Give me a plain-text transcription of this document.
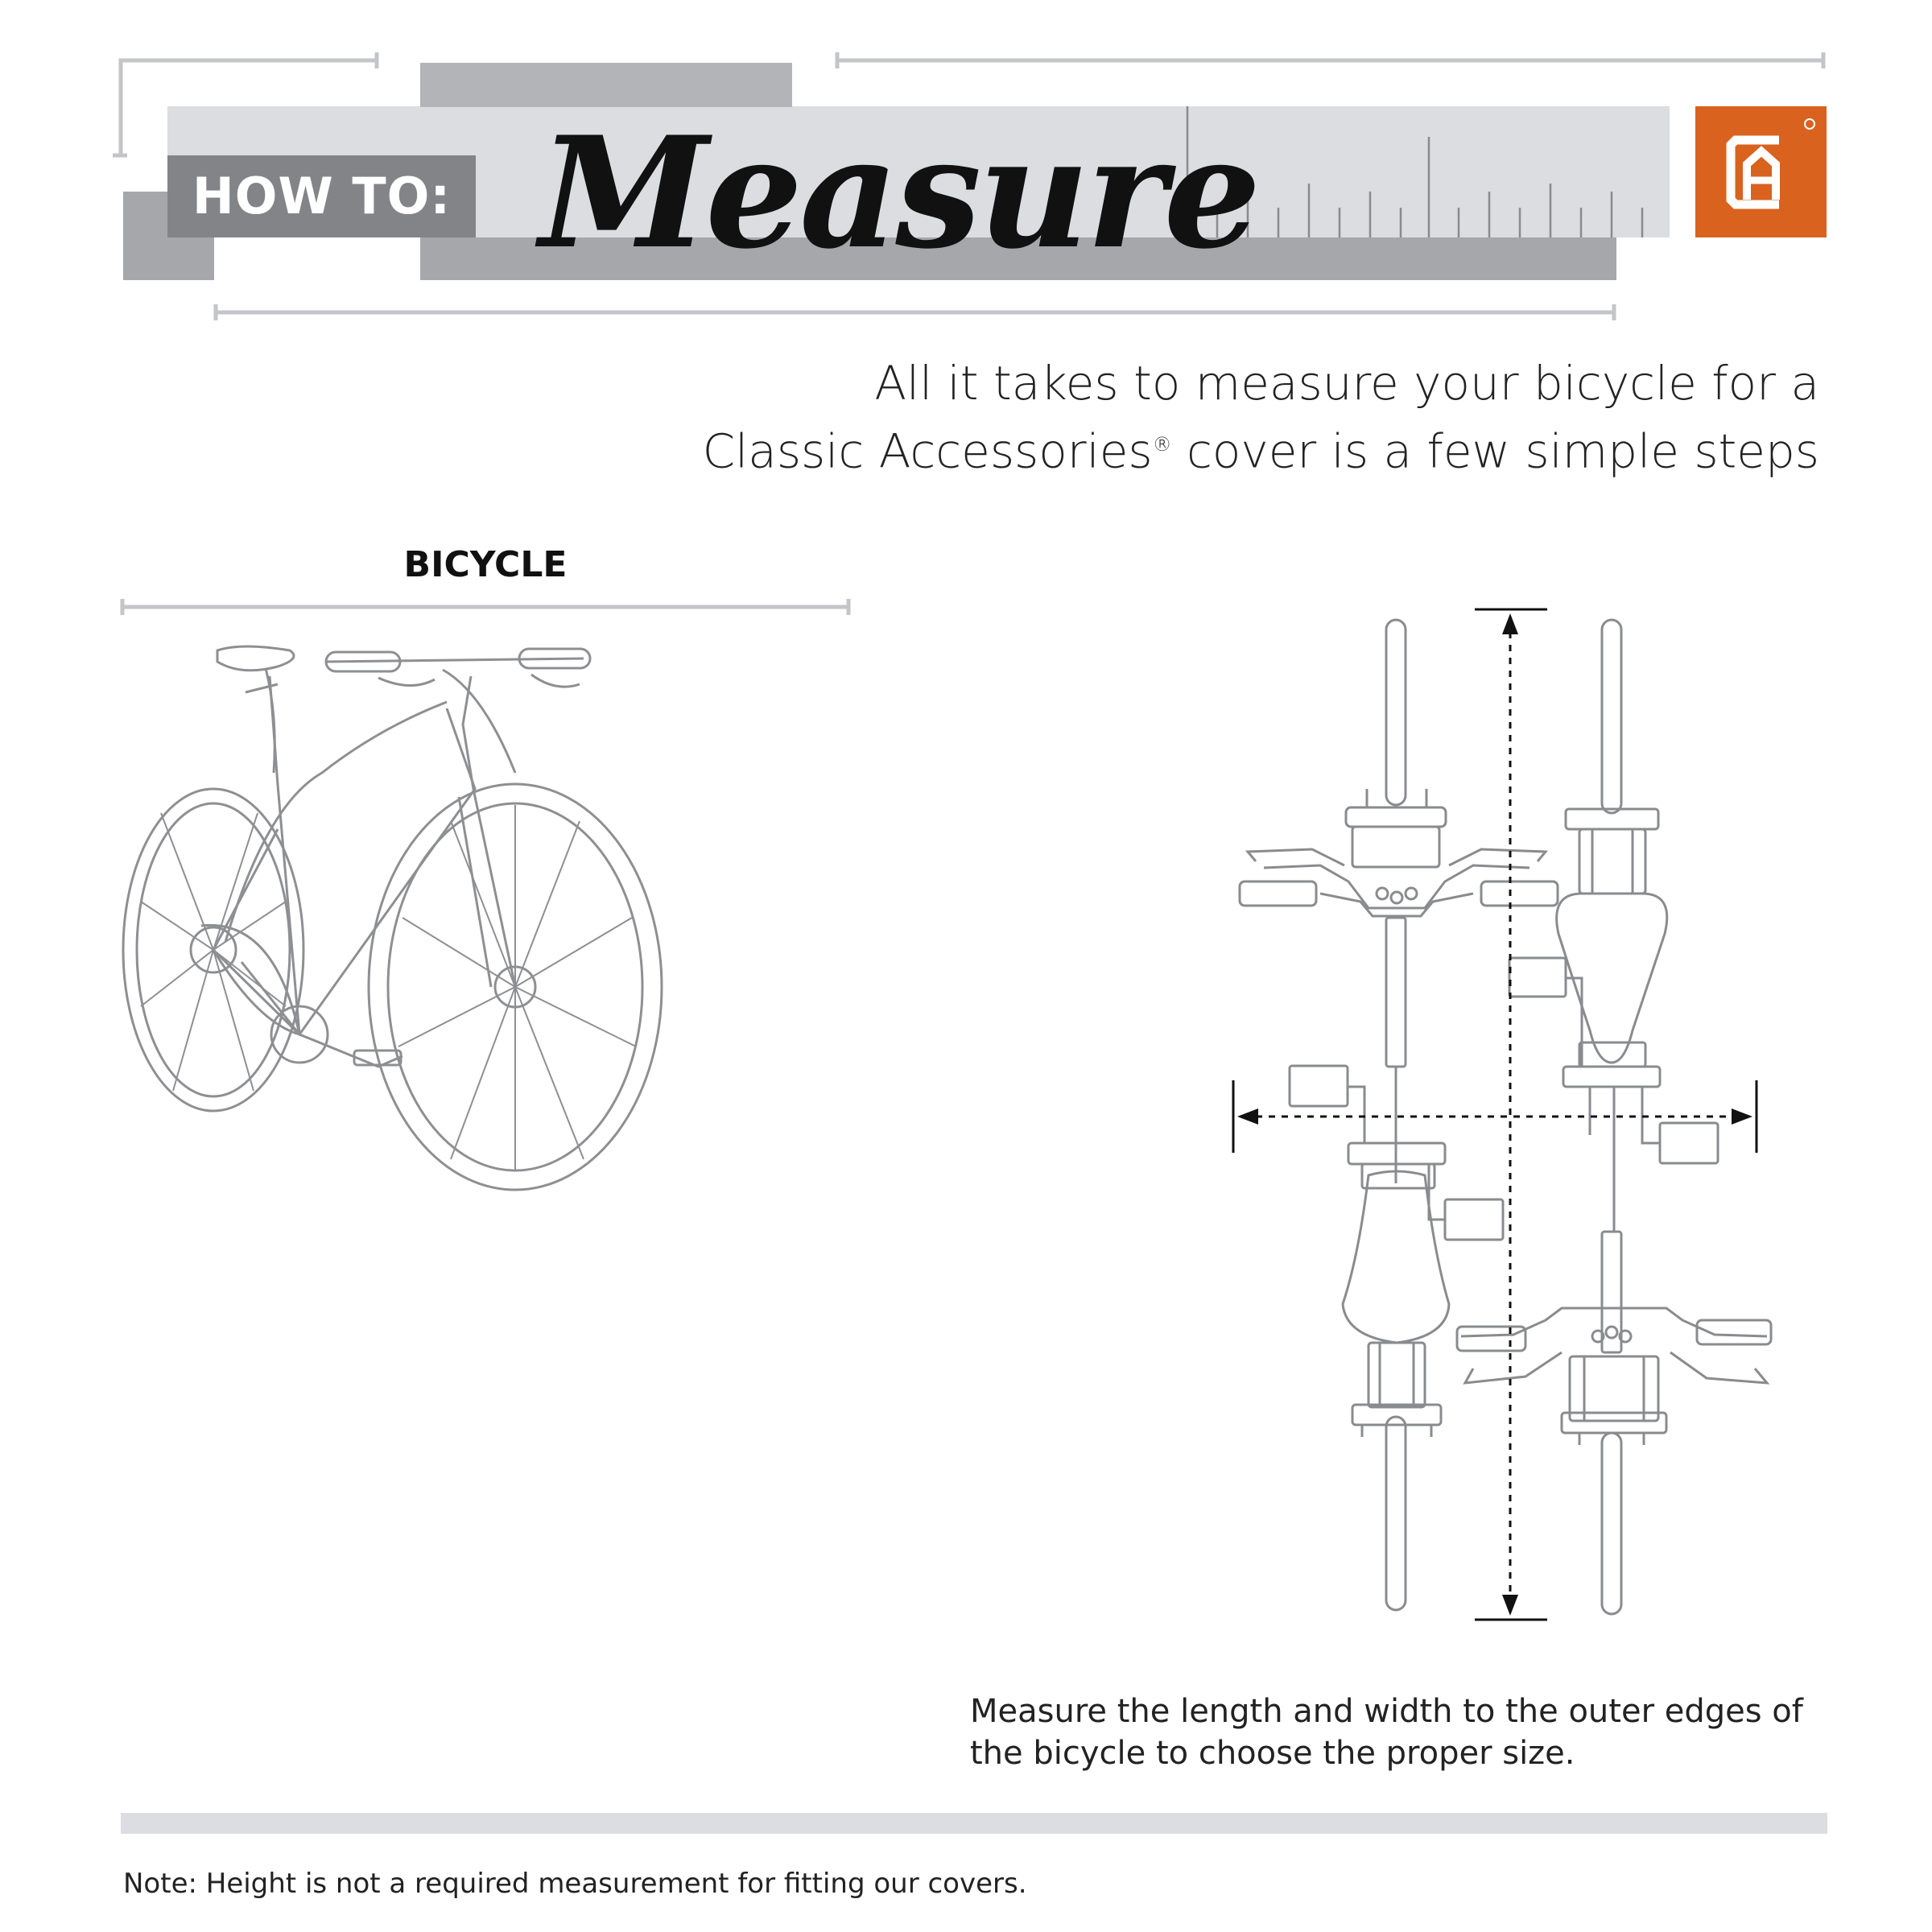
HOW TO: Measure
All it takes to measure your bicycle for a
Classic Accessories® cover is a few simple steps
BICYCLE
Measure the length and width to the outer edges of the bicycle to choose the proper size.
Note: Height is not a required measurement for fitting our covers.
